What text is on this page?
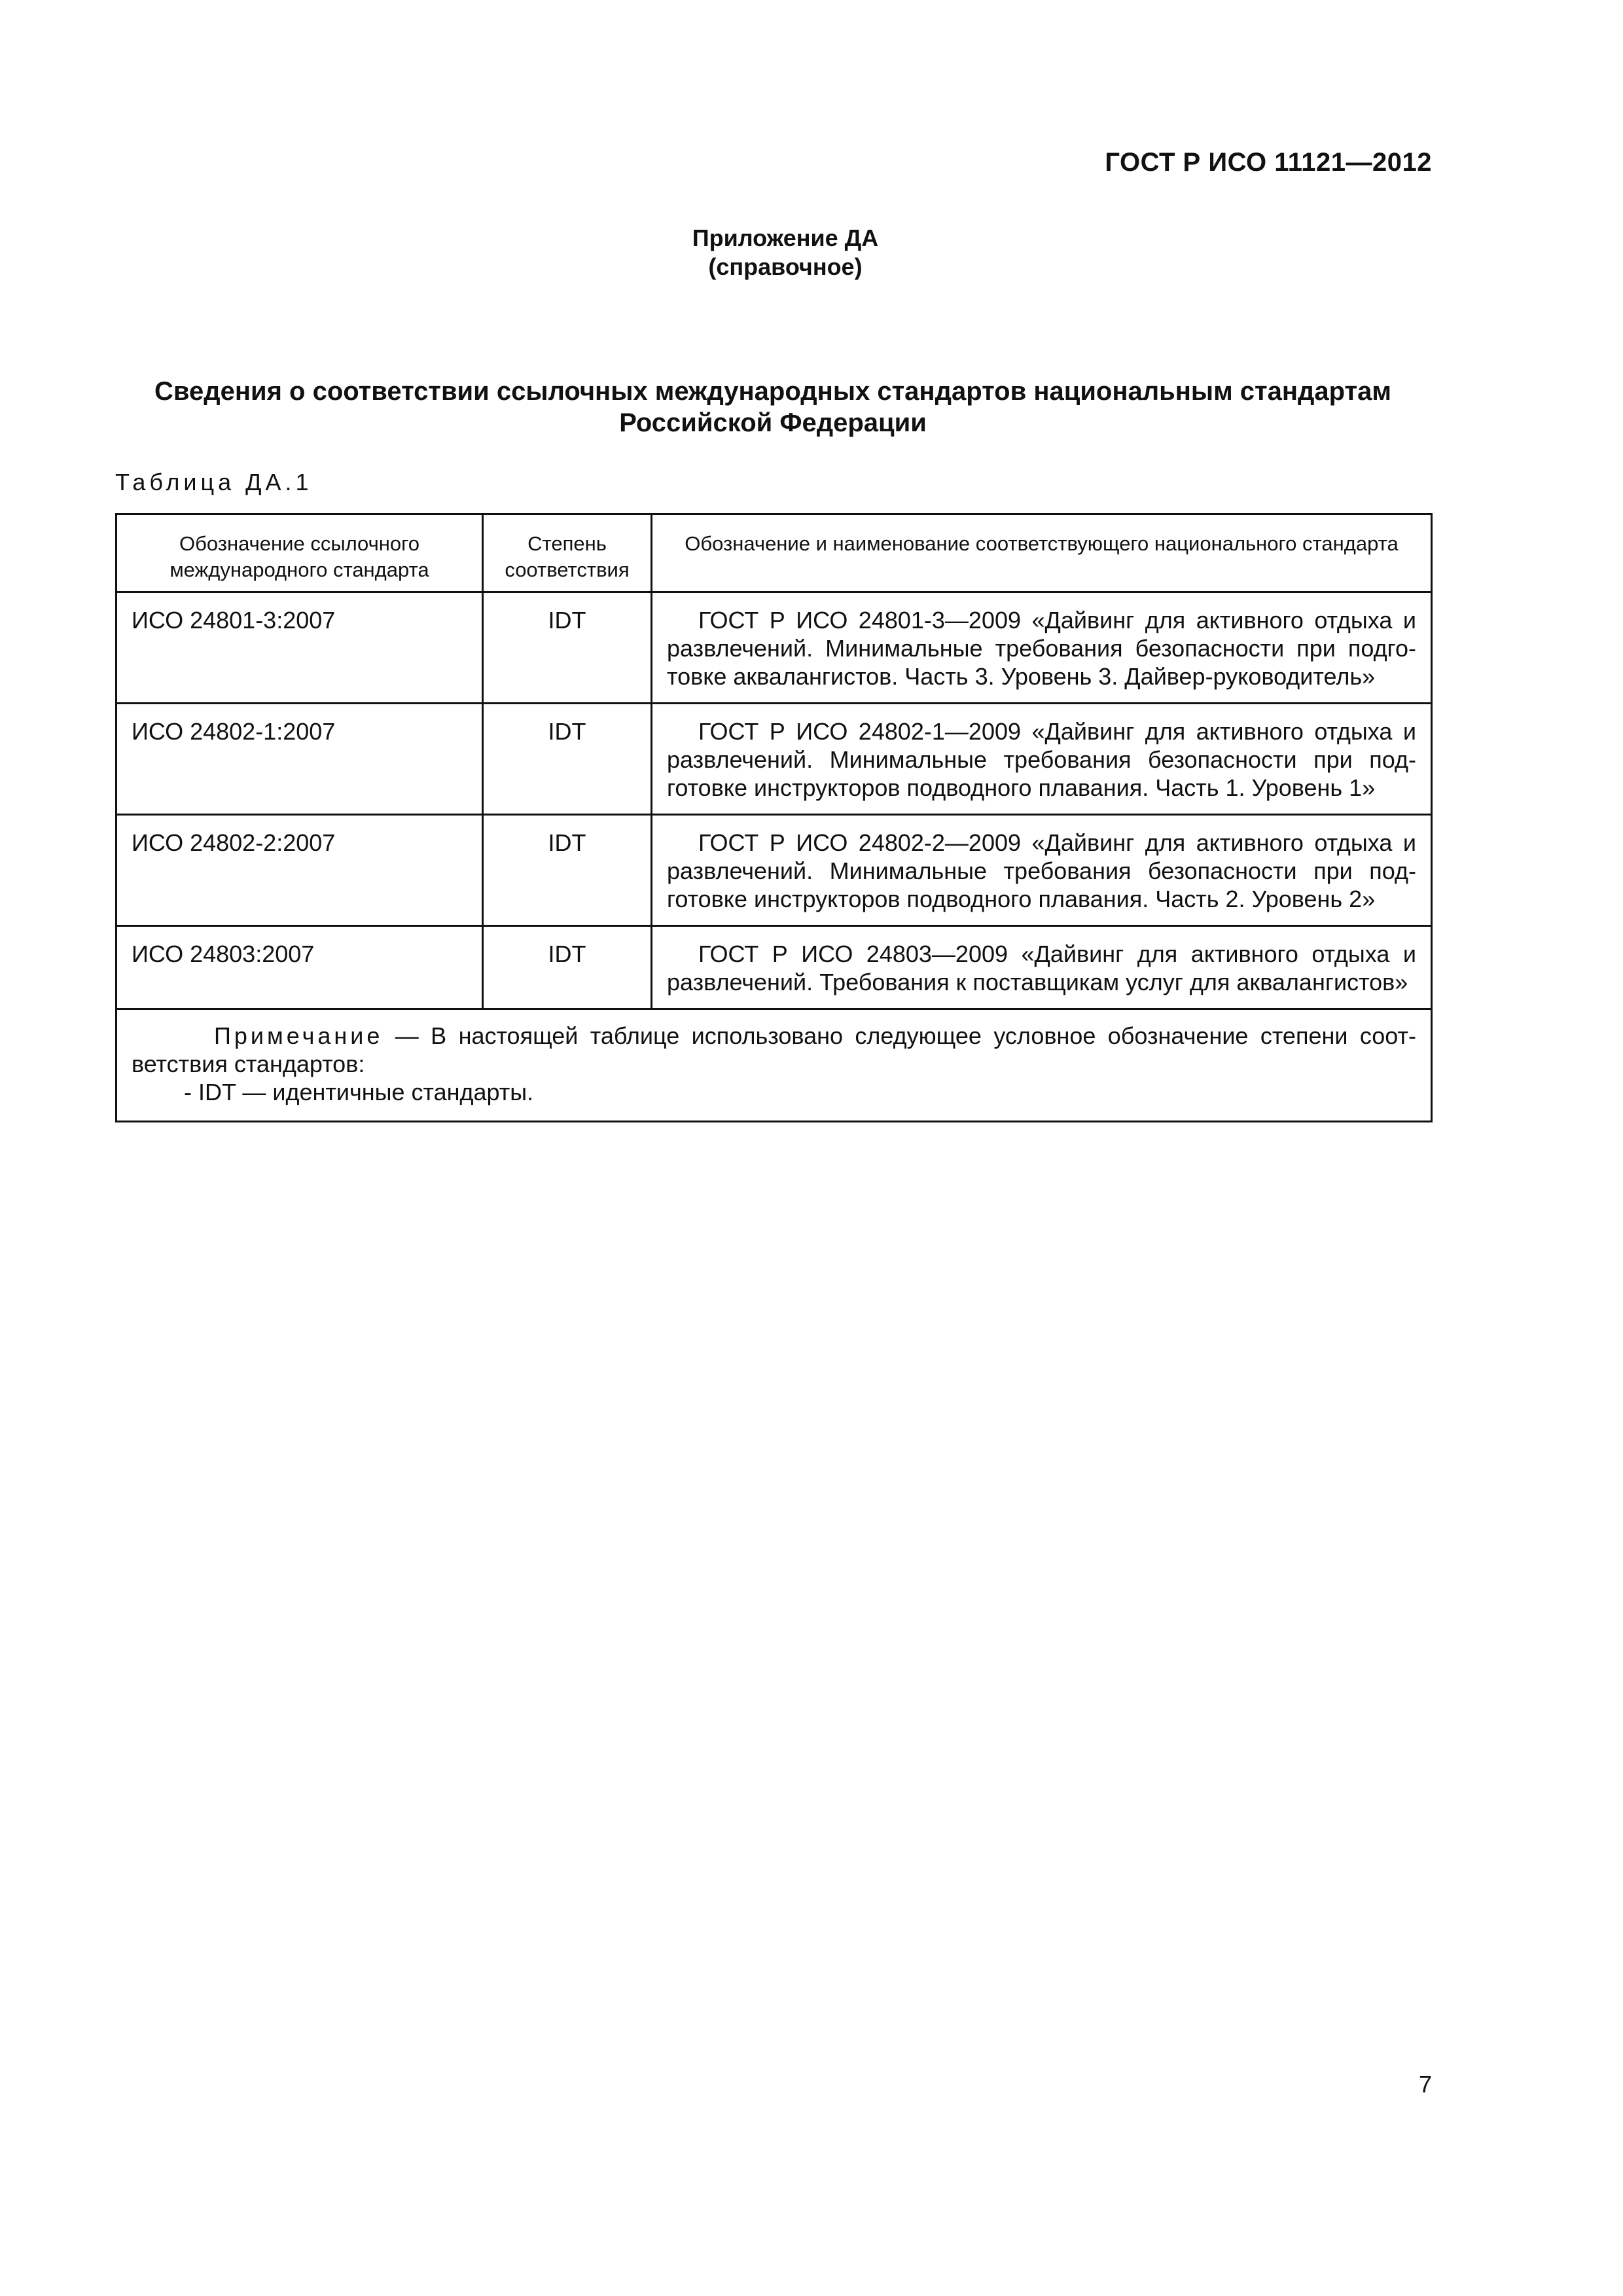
ГОСТ Р ИСО 11121—2012
Приложение ДА
(справочное)
Сведения о соответствии ссылочных международных стандартов национальным стандартам
Российской Федерации
Таблица ДА.1
Обозначение ссылочного международного стандарта	Степень соответствия	Обозначение и наименование соответствующего национального стандарта
ИСО 24801-3:2007	IDT	ГОСТ Р ИСО 24801-3—2009 «Дайвинг для активного отдыха и развлечений. Минимальные требования безопасности при подготовке аквалангистов. Часть 3. Уровень 3. Дайвер-руководитель»
ИСО 24802-1:2007	IDT	ГОСТ Р ИСО 24802-1—2009 «Дайвинг для активного отдыха и развлечений. Минимальные требования безопасности при подготовке инструкторов подводного плавания. Часть 1. Уровень 1»
ИСО 24802-2:2007	IDT	ГОСТ Р ИСО 24802-2—2009 «Дайвинг для активного отдыха и развлечений. Минимальные требования безопасности при подготовке инструкторов подводного плавания. Часть 2. Уровень 2»
ИСО 24803:2007	IDT	ГОСТ Р ИСО 24803—2009 «Дайвинг для активного отдыха и развлечений. Требования к поставщикам услуг для аквалангистов»

Примечание — В настоящей таблице использовано следующее условное обозначение степени соответствия стандартов:
- IDT — идентичные стандарты.		
7
